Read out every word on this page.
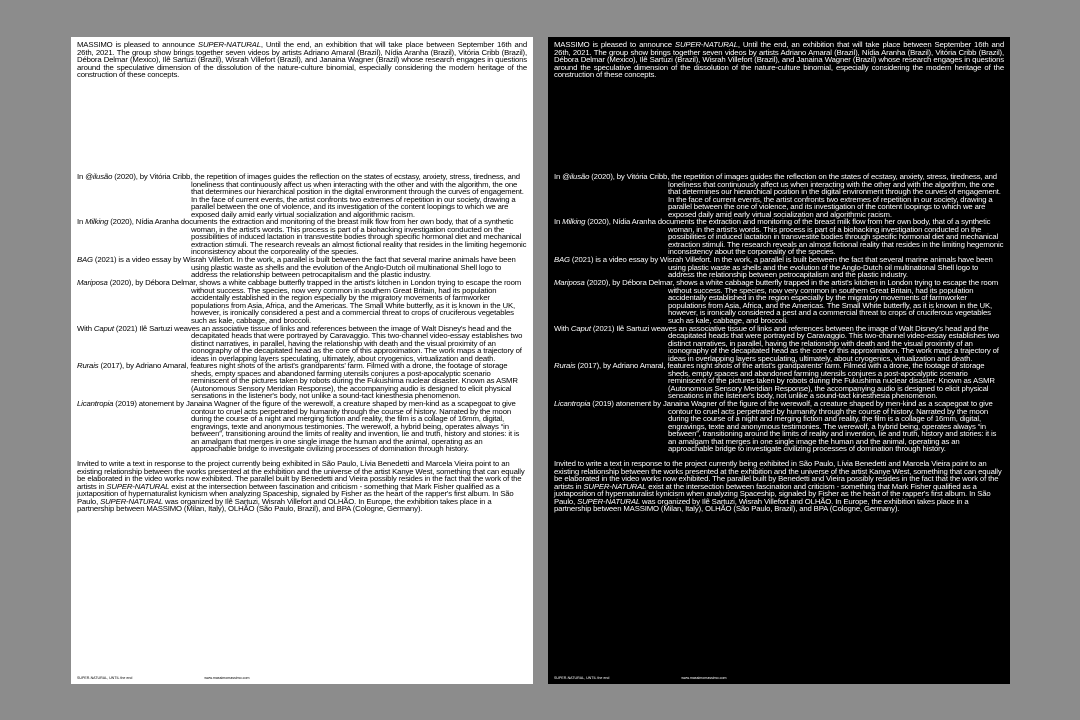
MASSIMO is pleased to announce SUPER-NATURAL, Until the end, an exhibition that will take place between September 16th and 26th, 2021. The group show brings together seven videos by artists Adriano Amaral (Brazil), Nídia Aranha (Brazil), Vitória Cribb (Brazil), Débora Delmar (Mexico), Ilê Sartuzi (Brazil), Wisrah Villefort (Brazil), and Janaina Wagner (Brazil) whose research engages in questions around the speculative dimension of the dissolution of the nature-culture binomial, especially considering the modern heritage of the construction of these concepts.

In @ilusão (2020), by Vitória Cribb, the repetition of images guides the reflection on the states of ecstasy, anxiety, stress, tiredness, and loneliness that continuously affect us when interacting with the other and with the algorithm, the one that determines our hierarchical position in the digital environment through the curves of engagement. In the face of current events, the artist confronts two extremes of repetition in our society, drawing a parallel between the one of violence, and its investigation of the content loopings to which we are exposed daily amid early virtual socialization and algorithmic racism.

In Milking (2020), Nídia Aranha documents the extraction and monitoring of the breast milk flow from her own body, that of a synthetic woman, in the artist's words. This process is part of a biohacking investigation conducted on the possibilities of induced lactation in transvestite bodies through specific hormonal diet and mechanical extraction stimuli. The research reveals an almost fictional reality that resides in the limiting hegemonic inconsistency about the corporeality of the species.

BAG (2021) is a video essay by Wisrah Villefort. In the work, a parallel is built between the fact that several marine animals have been using plastic waste as shells and the evolution of the Anglo-Dutch oil multinational Shell logo to address the relationship between petrocapitalism and the plastic industry.

Mariposa (2020), by Débora Delmar, shows a white cabbage butterfly trapped in the artist's kitchen in London trying to escape the room without success. The species, now very common in southern Great Britain, had its population accidentally established in the region especially by the migratory movements of farmworker populations from Asia, Africa, and the Americas. The Small White butterfly, as it is known in the UK, however, is ironically considered a pest and a commercial threat to crops of cruciferous vegetables such as kale, cabbage, and broccoli.

With Caput (2021) Ilê Sartuzi weaves an associative tissue of links and references between the image of Walt Disney's head and the decapitated heads that were portrayed by Caravaggio. This two-channel video-essay establishes two distinct narratives, in parallel, having the relationship with death and the visual proximity of an iconography of the decapitated head as the core of this approximation. The work maps a trajectory of ideas in overlapping layers speculating, ultimately, about cryogenics, virtualization and death.

Rurais (2017), by Adriano Amaral, features night shots of the artist's grandparents' farm. Filmed with a drone, the footage of storage sheds, empty spaces and abandoned farming utensils conjures a post-apocalyptic scenario reminiscent of the pictures taken by robots during the Fukushima nuclear disaster. Known as ASMR (Autonomous Sensory Meridian Response), the accompanying audio is designed to elicit physical sensations in the listener's body, not unlike a sound-tact kinesthesia phenomenon.

Licantropia (2019) atonement by Janaina Wagner of the figure of the werewolf, a creature shaped by men-kind as a scapegoat to give contour to cruel acts perpetrated by humanity through the course of history. Narrated by the moon during the course of a night and merging fiction and reality, the film is a collage of 16mm, digital, engravings, texte and anonymous testimonies. The werewolf, a hybrid being, operates always “in between”, transitioning around the limits of reality and invention, lie and truth, history and stories: it is an amalgam that merges in one single image the human and the animal, operating as an approachable bridge to investigate civilizing processes of domination through history.

Invited to write a text in response to the project currently being exhibited in São Paulo, Lívia Benedetti and Marcela Vieira point to an existing relationship between the works presented at the exhibition and the universe of the artist Kanye West, something that can equally be elaborated in the video works now exhibited. The parallel built by Benedetti and Vieira possibly resides in the fact that the work of the artists in SUPER-NATURAL exist at the intersection between fascination and criticism - something that Mark Fisher qualified as a juxtaposition of hypernaturalist kynicism when analyzing Spaceship, signaled by Fisher as the heart of the rapper's first album. In São Paulo, SUPER-NATURAL was organized by Ilê Sartuzi, Wisrah Villefort and OLHÃO. In Europe, the exhibition takes place in a partnership between MASSIMO (Milan, Italy), OLHÃO (São Paulo, Brazil), and BPA (Cologne, Germany).

SUPER-NATURAL, UNTIL the end	www.massimomassimo.com

MASSIMO is pleased to announce SUPER-NATURAL, Until the end, an exhibition that will take place between September 16th and 26th, 2021. The group show brings together seven videos by artists Adriano Amaral (Brazil), Nídia Aranha (Brazil), Vitória Cribb (Brazil), Débora Delmar (Mexico), Ilê Sartuzi (Brazil), Wisrah Villefort (Brazil), and Janaina Wagner (Brazil) whose research engages in questions around the speculative dimension of the dissolution of the nature-culture binomial, especially considering the modern heritage of the construction of these concepts.

In @ilusão (2020), by Vitória Cribb, the repetition of images guides the reflection on the states of ecstasy, anxiety, stress, tiredness, and loneliness that continuously affect us when interacting with the other and with the algorithm, the one that determines our hierarchical position in the digital environment through the curves of engagement. In the face of current events, the artist confronts two extremes of repetition in our society, drawing a parallel between the one of violence, and its investigation of the content loopings to which we are exposed daily amid early virtual socialization and algorithmic racism.

In Milking (2020), Nídia Aranha documents the extraction and monitoring of the breast milk flow from her own body, that of a synthetic woman, in the artist's words. This process is part of a biohacking investigation conducted on the possibilities of induced lactation in transvestite bodies through specific hormonal diet and mechanical extraction stimuli. The research reveals an almost fictional reality that resides in the limiting hegemonic inconsistency about the corporeality of the species.

BAG (2021) is a video essay by Wisrah Villefort. In the work, a parallel is built between the fact that several marine animals have been using plastic waste as shells and the evolution of the Anglo-Dutch oil multinational Shell logo to address the relationship between petrocapitalism and the plastic industry.

Mariposa (2020), by Débora Delmar, shows a white cabbage butterfly trapped in the artist's kitchen in London trying to escape the room without success. The species, now very common in southern Great Britain, had its population accidentally established in the region especially by the migratory movements of farmworker populations from Asia, Africa, and the Americas. The Small White butterfly, as it is known in the UK, however, is ironically considered a pest and a commercial threat to crops of cruciferous vegetables such as kale, cabbage, and broccoli.

With Caput (2021) Ilê Sartuzi weaves an associative tissue of links and references between the image of Walt Disney's head and the decapitated heads that were portrayed by Caravaggio. This two-channel video-essay establishes two distinct narratives, in parallel, having the relationship with death and the visual proximity of an iconography of the decapitated head as the core of this approximation. The work maps a trajectory of ideas in overlapping layers speculating, ultimately, about cryogenics, virtualization and death.

Rurais (2017), by Adriano Amaral, features night shots of the artist's grandparents' farm. Filmed with a drone, the footage of storage sheds, empty spaces and abandoned farming utensils conjures a post-apocalyptic scenario reminiscent of the pictures taken by robots during the Fukushima nuclear disaster. Known as ASMR (Autonomous Sensory Meridian Response), the accompanying audio is designed to elicit physical sensations in the listener's body, not unlike a sound-tact kinesthesia phenomenon.

Licantropia (2019) atonement by Janaina Wagner of the figure of the werewolf, a creature shaped by men-kind as a scapegoat to give contour to cruel acts perpetrated by humanity through the course of history. Narrated by the moon during the course of a night and merging fiction and reality, the film is a collage of 16mm, digital, engravings, texte and anonymous testimonies. The werewolf, a hybrid being, operates always “in between”, transitioning around the limits of reality and invention, lie and truth, history and stories: it is an amalgam that merges in one single image the human and the animal, operating as an approachable bridge to investigate civilizing processes of domination through history.

Invited to write a text in response to the project currently being exhibited in São Paulo, Lívia Benedetti and Marcela Vieira point to an existing relationship between the works presented at the exhibition and the universe of the artist Kanye West, something that can equally be elaborated in the video works now exhibited. The parallel built by Benedetti and Vieira possibly resides in the fact that the work of the artists in SUPER-NATURAL exist at the intersection between fascination and criticism - something that Mark Fisher qualified as a juxtaposition of hypernaturalist kynicism when analyzing Spaceship, signaled by Fisher as the heart of the rapper's first album. In São Paulo, SUPER-NATURAL was organized by Ilê Sartuzi, Wisrah Villefort and OLHÃO. In Europe, the exhibition takes place in a partnership between MASSIMO (Milan, Italy), OLHÃO (São Paulo, Brazil), and BPA (Cologne, Germany).

SUPER-NATURAL, UNTIL the end	www.massimomassimo.com
